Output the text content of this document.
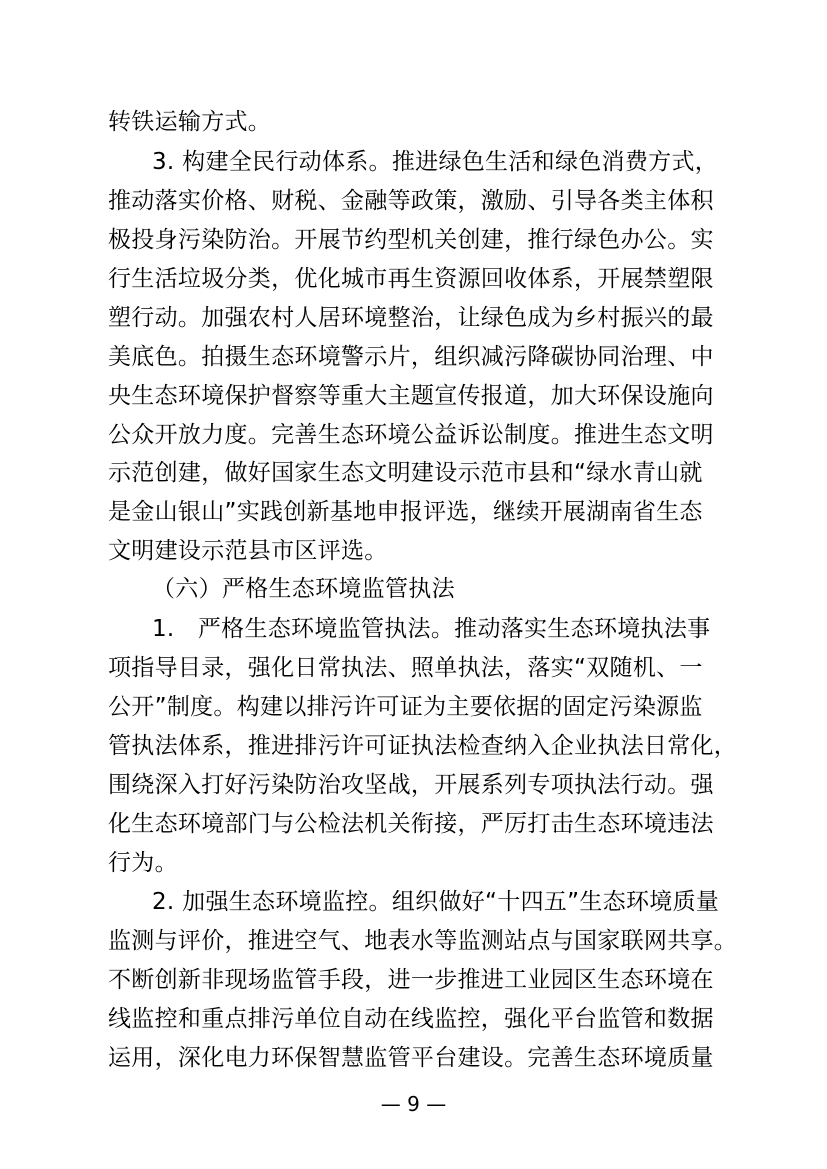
转铁运输方式。
3. 构建全民行动体系。推进绿色生活和绿色消费方式，
推动落实价格、财税、金融等政策，激励、引导各类主体积
极投身污染防治。开展节约型机关创建，推行绿色办公。实
行生活垃圾分类，优化城市再生资源回收体系，开展禁塑限
塑行动。加强农村人居环境整治，让绿色成为乡村振兴的最
美底色。拍摄生态环境警示片，组织减污降碳协同治理、中
央生态环境保护督察等重大主题宣传报道，加大环保设施向
公众开放力度。完善生态环境公益诉讼制度。推进生态文明
示范创建，做好国家生态文明建设示范市县和“绿水青山就
是金山银山”实践创新基地申报评选，继续开展湖南省生态
文明建设示范县市区评选。
（六）严格生态环境监管执法
1.　严格生态环境监管执法。推动落实生态环境执法事
项指导目录，强化日常执法、照单执法，落实“双随机、一
公开”制度。构建以排污许可证为主要依据的固定污染源监
管执法体系，推进排污许可证执法检查纳入企业执法日常化，
围绕深入打好污染防治攻坚战，开展系列专项执法行动。强
化生态环境部门与公检法机关衔接，严厉打击生态环境违法
行为。
2. 加强生态环境监控。组织做好“十四五”生态环境质量
监测与评价，推进空气、地表水等监测站点与国家联网共享。
不断创新非现场监管手段，进一步推进工业园区生态环境在
线监控和重点排污单位自动在线监控，强化平台监管和数据
运用，深化电力环保智慧监管平台建设。完善生态环境质量
— 9 —
